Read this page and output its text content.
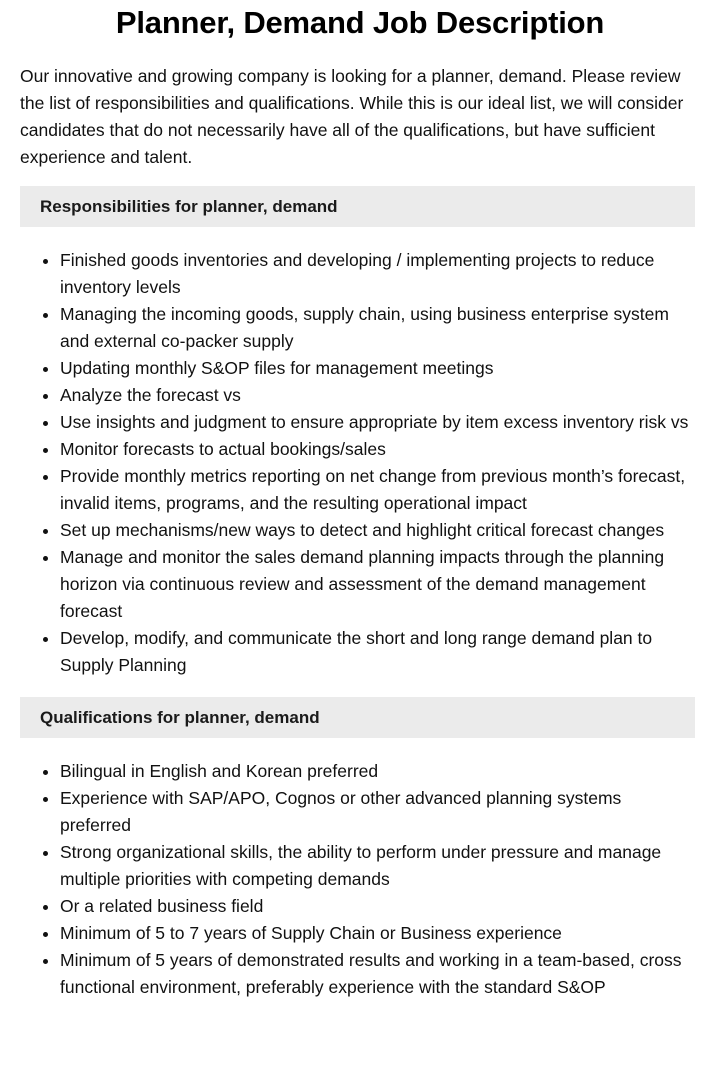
Planner, Demand Job Description

Our innovative and growing company is looking for a planner, demand. Please review the list of responsibilities and qualifications. While this is our ideal list, we will consider candidates that do not necessarily have all of the qualifications, but have sufficient experience and talent.

Responsibilities for planner, demand
• Finished goods inventories and developing / implementing projects to reduce inventory levels
• Managing the incoming goods, supply chain, using business enterprise system and external co-packer supply
• Updating monthly S&OP files for management meetings
• Analyze the forecast vs
• Use insights and judgment to ensure appropriate by item excess inventory risk vs
• Monitor forecasts to actual bookings/sales
• Provide monthly metrics reporting on net change from previous month’s forecast, invalid items, programs, and the resulting operational impact
• Set up mechanisms/new ways to detect and highlight critical forecast changes
• Manage and monitor the sales demand planning impacts through the planning horizon via continuous review and assessment of the demand management forecast
• Develop, modify, and communicate the short and long range demand plan to Supply Planning
Qualifications for planner, demand
• Bilingual in English and Korean preferred
• Experience with SAP/APO, Cognos or other advanced planning systems preferred
• Strong organizational skills, the ability to perform under pressure and manage multiple priorities with competing demands
• Or a related business field
• Minimum of 5 to 7 years of Supply Chain or Business experience
• Minimum of 5 years of demonstrated results and working in a team-based, cross functional environment, preferably experience with the standard S&OP
